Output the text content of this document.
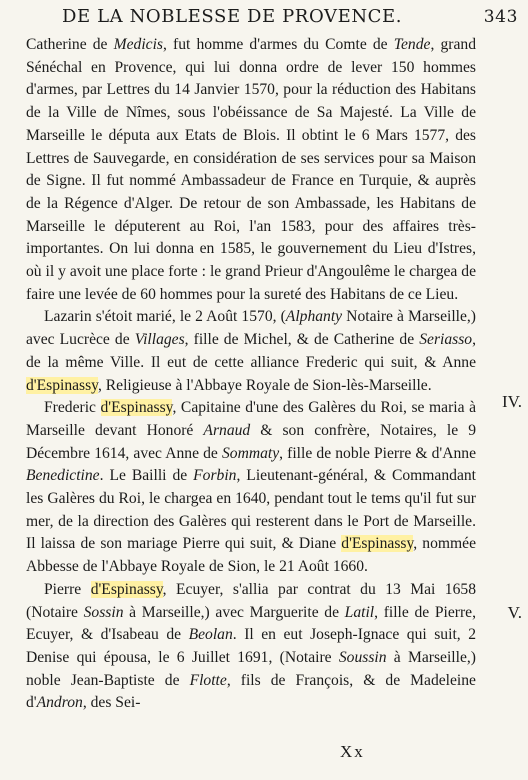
DE LA NOBLESSE DE PROVENCE.	343

Catherine de Medicis, fut homme d'armes du Comte de Tende, grand Sénéchal en Provence, qui lui donna ordre de lever 150 hommes d'armes, par Lettres du 14 Janvier 1570, pour la réduction des Habitans de la Ville de Nîmes, sous l'obéissance de Sa Majesté. La Ville de Marseille le députa aux Etats de Blois. Il obtint le 6 Mars 1577, des Lettres de Sauvegarde, en considération de ses services pour sa Maison de Signe. Il fut nommé Ambassadeur de France en Turquie, & auprès de la Régence d'Alger. De retour de son Ambassade, les Habitans de Marseille le députerent au Roi, l'an 1583, pour des affaires très-importantes. On lui donna en 1585, le gouvernement du Lieu d'Istres, où il y avoit une place forte : le grand Prieur d'Angoulême le chargea de faire une levée de 60 hommes pour la sureté des Habitans de ce Lieu.

Lazarin s'étoit marié, le 2 Août 1570, (Alphanty Notaire à Marseille,) avec Lucrèce de Villages, fille de Michel, & de Catherine de Seriasso, de la même Ville. Il eut de cette alliance Frederic qui suit, & Anne d'Espinassy, Religieuse à l'Abbaye Royale de Sion-lès-Marseille.

Frederic d'Espinassy, Capitaine d'une des Galères du Roi, se maria à Marseille devant Honoré Arnaud & son confrère, Notaires, le 9 Décembre 1614, avec Anne de Sommaty, fille de noble Pierre & d'Anne Benedictine. Le Bailli de Forbin, Lieutenant-général, & Commandant les Galères du Roi, le chargea en 1640, pendant tout le tems qu'il fut sur mer, de la direction des Galères qui resterent dans le Port de Marseille. Il laissa de son mariage Pierre qui suit, & Diane d'Espinassy, nommée Abbesse de l'Abbaye Royale de Sion, le 21 Août 1660.

Pierre d'Espinassy, Ecuyer, s'allia par contrat du 13 Mai 1658 (Notaire Sossin à Marseille,) avec Marguerite de Latil, fille de Pierre, Ecuyer, & d'Isabeau de Beolan. Il en eut Joseph-Ignace qui suit, 2 Denise qui épousa, le 6 Juillet 1691, (Notaire Soussin à Marseille,) noble Jean-Baptiste de Flotte, fils de François, & de Madeleine d'Andron, des Sei-

IV.
V.
Xx
